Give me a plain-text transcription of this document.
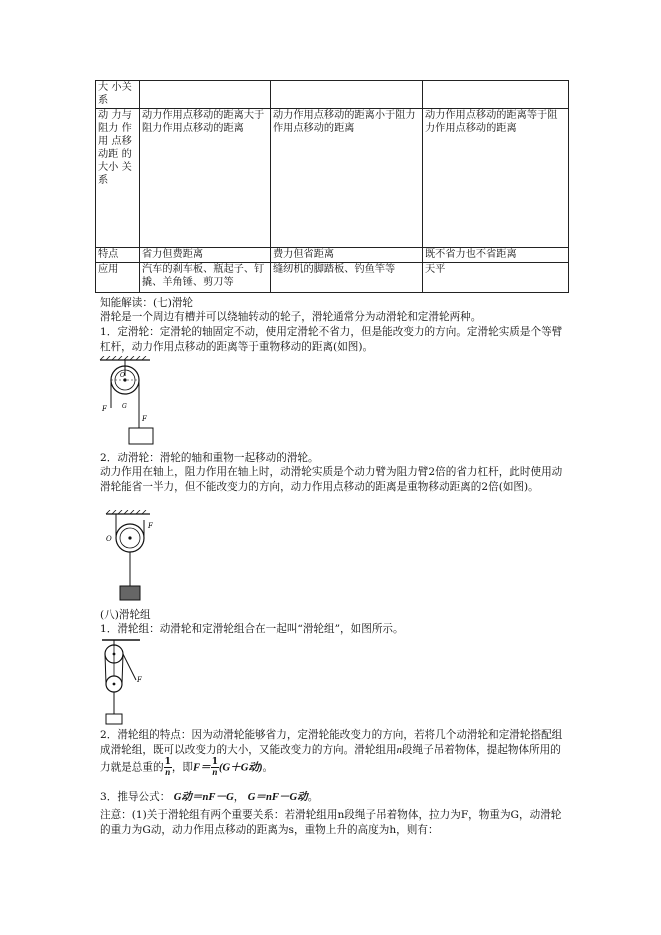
大 小关系			
动 力与 阻力 作用 点移 动距 的 大小 关系	动力作用点移动的距离大于阻力作用点移动的距离	动力作用点移动的距离小于阻力作用点移动的距离	动力作用点移动的距离等于阻力作用点移动的距离
特点	省力但费距离	费力但省距离	既不省力也不省距离
应用	汽车的刹车板、瓶起子、钉撬、羊角锤、剪刀等	缝纫机的脚踏板、钓鱼竿等	天平

知能解读：(七)滑轮

滑轮是一个周边有槽并可以绕轴转动的轮子，滑轮通常分为动滑轮和定滑轮两种。

1．定滑轮：定滑轮的轴固定不动，使用定滑轮不省力，但是能改变力的方向。定滑轮实质是个等臂杠杆，动力作用点移动的距离等于重物移动的距离(如图)。

F
F
O
G

2．动滑轮：滑轮的轴和重物一起移动的滑轮。

动力作用在轴上，阻力作用在轴上时，动滑轮实质是个动力臂为阻力臂2倍的省力杠杆，此时使用动滑轮能省一半力，但不能改变力的方向，动力作用点移动的距离是重物移动距离的2倍(如图)。

F
O

(八)滑轮组

1．滑轮组：动滑轮和定滑轮组合在一起叫“滑轮组”，如图所示。

F

2．滑轮组的特点：因为动滑轮能够省力，定滑轮能改变力的方向，若将几个动滑轮和定滑轮搭配组成滑轮组，既可以改变力的大小，又能改变力的方向。滑轮组用n段绳子吊着物体，提起物体所用的力就是总重的 $\frac{1}{n}$ ，即$F= \frac{1}{n} (G+G$动)。

3．推导公式： G动＝nF－G， G＝nF－G动。

注意：(1)关于滑轮组有两个重要关系：若滑轮组用n段绳子吊着物体，拉力为F，物重为G，动滑轮的重力为G动，动力作用点移动的距离为s，重物上升的高度为h，则有：
